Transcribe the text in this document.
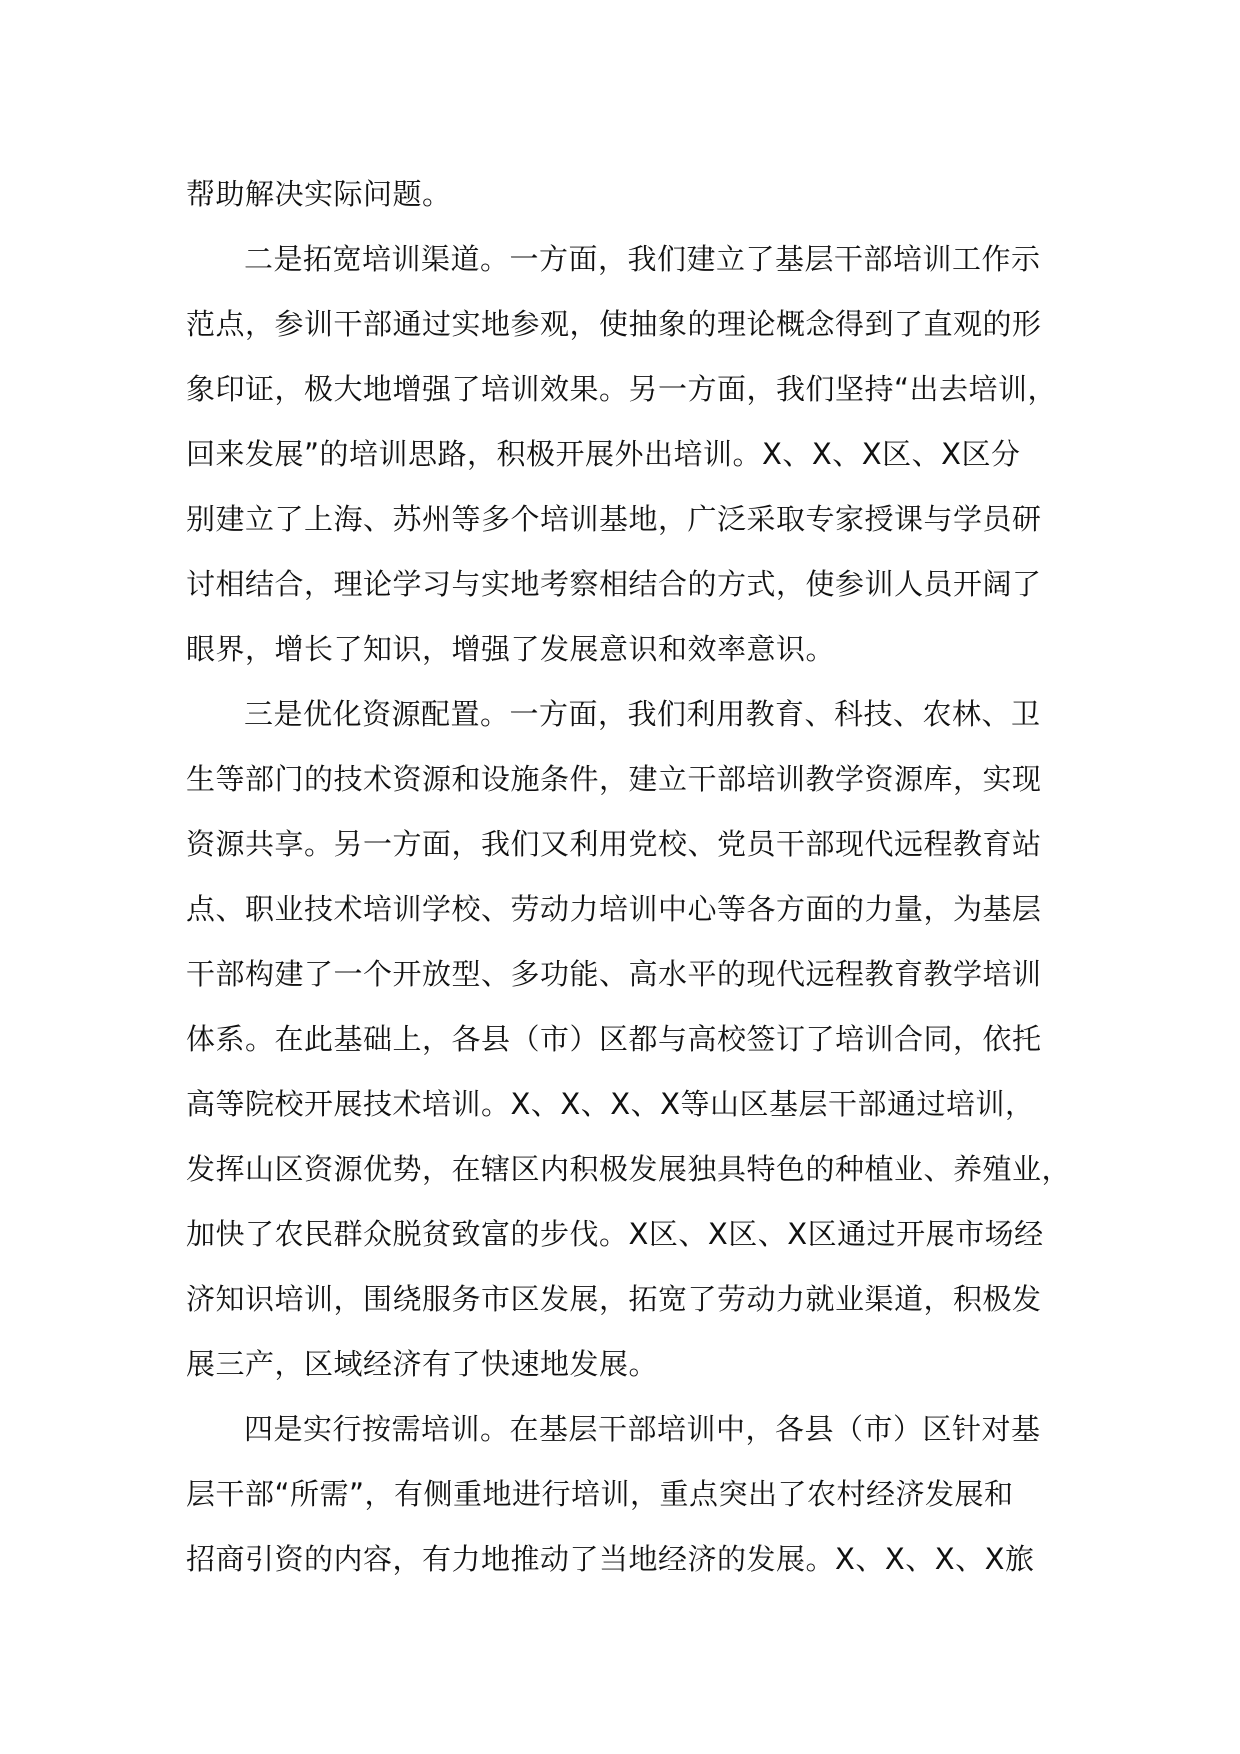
帮助解决实际问题。
二是拓宽培训渠道。一方面，我们建立了基层干部培训工作示
范点，参训干部通过实地参观，使抽象的理论概念得到了直观的形
象印证，极大地增强了培训效果。另一方面，我们坚持“出去培训，
回来发展”的培训思路，积极开展外出培训。X、X、X区、X区分
别建立了上海、苏州等多个培训基地，广泛采取专家授课与学员研
讨相结合，理论学习与实地考察相结合的方式，使参训人员开阔了
眼界，增长了知识，增强了发展意识和效率意识。
三是优化资源配置。一方面，我们利用教育、科技、农林、卫
生等部门的技术资源和设施条件，建立干部培训教学资源库，实现
资源共享。另一方面，我们又利用党校、党员干部现代远程教育站
点、职业技术培训学校、劳动力培训中心等各方面的力量，为基层
干部构建了一个开放型、多功能、高水平的现代远程教育教学培训
体系。在此基础上，各县（市）区都与高校签订了培训合同，依托
高等院校开展技术培训。X、X、X、X等山区基层干部通过培训，
发挥山区资源优势，在辖区内积极发展独具特色的种植业、养殖业，
加快了农民群众脱贫致富的步伐。X区、X区、X区通过开展市场经
济知识培训，围绕服务市区发展，拓宽了劳动力就业渠道，积极发
展三产，区域经济有了快速地发展。
四是实行按需培训。在基层干部培训中，各县（市）区针对基
层干部“所需”，有侧重地进行培训，重点突出了农村经济发展和
招商引资的内容，有力地推动了当地经济的发展。X、X、X、X旅
